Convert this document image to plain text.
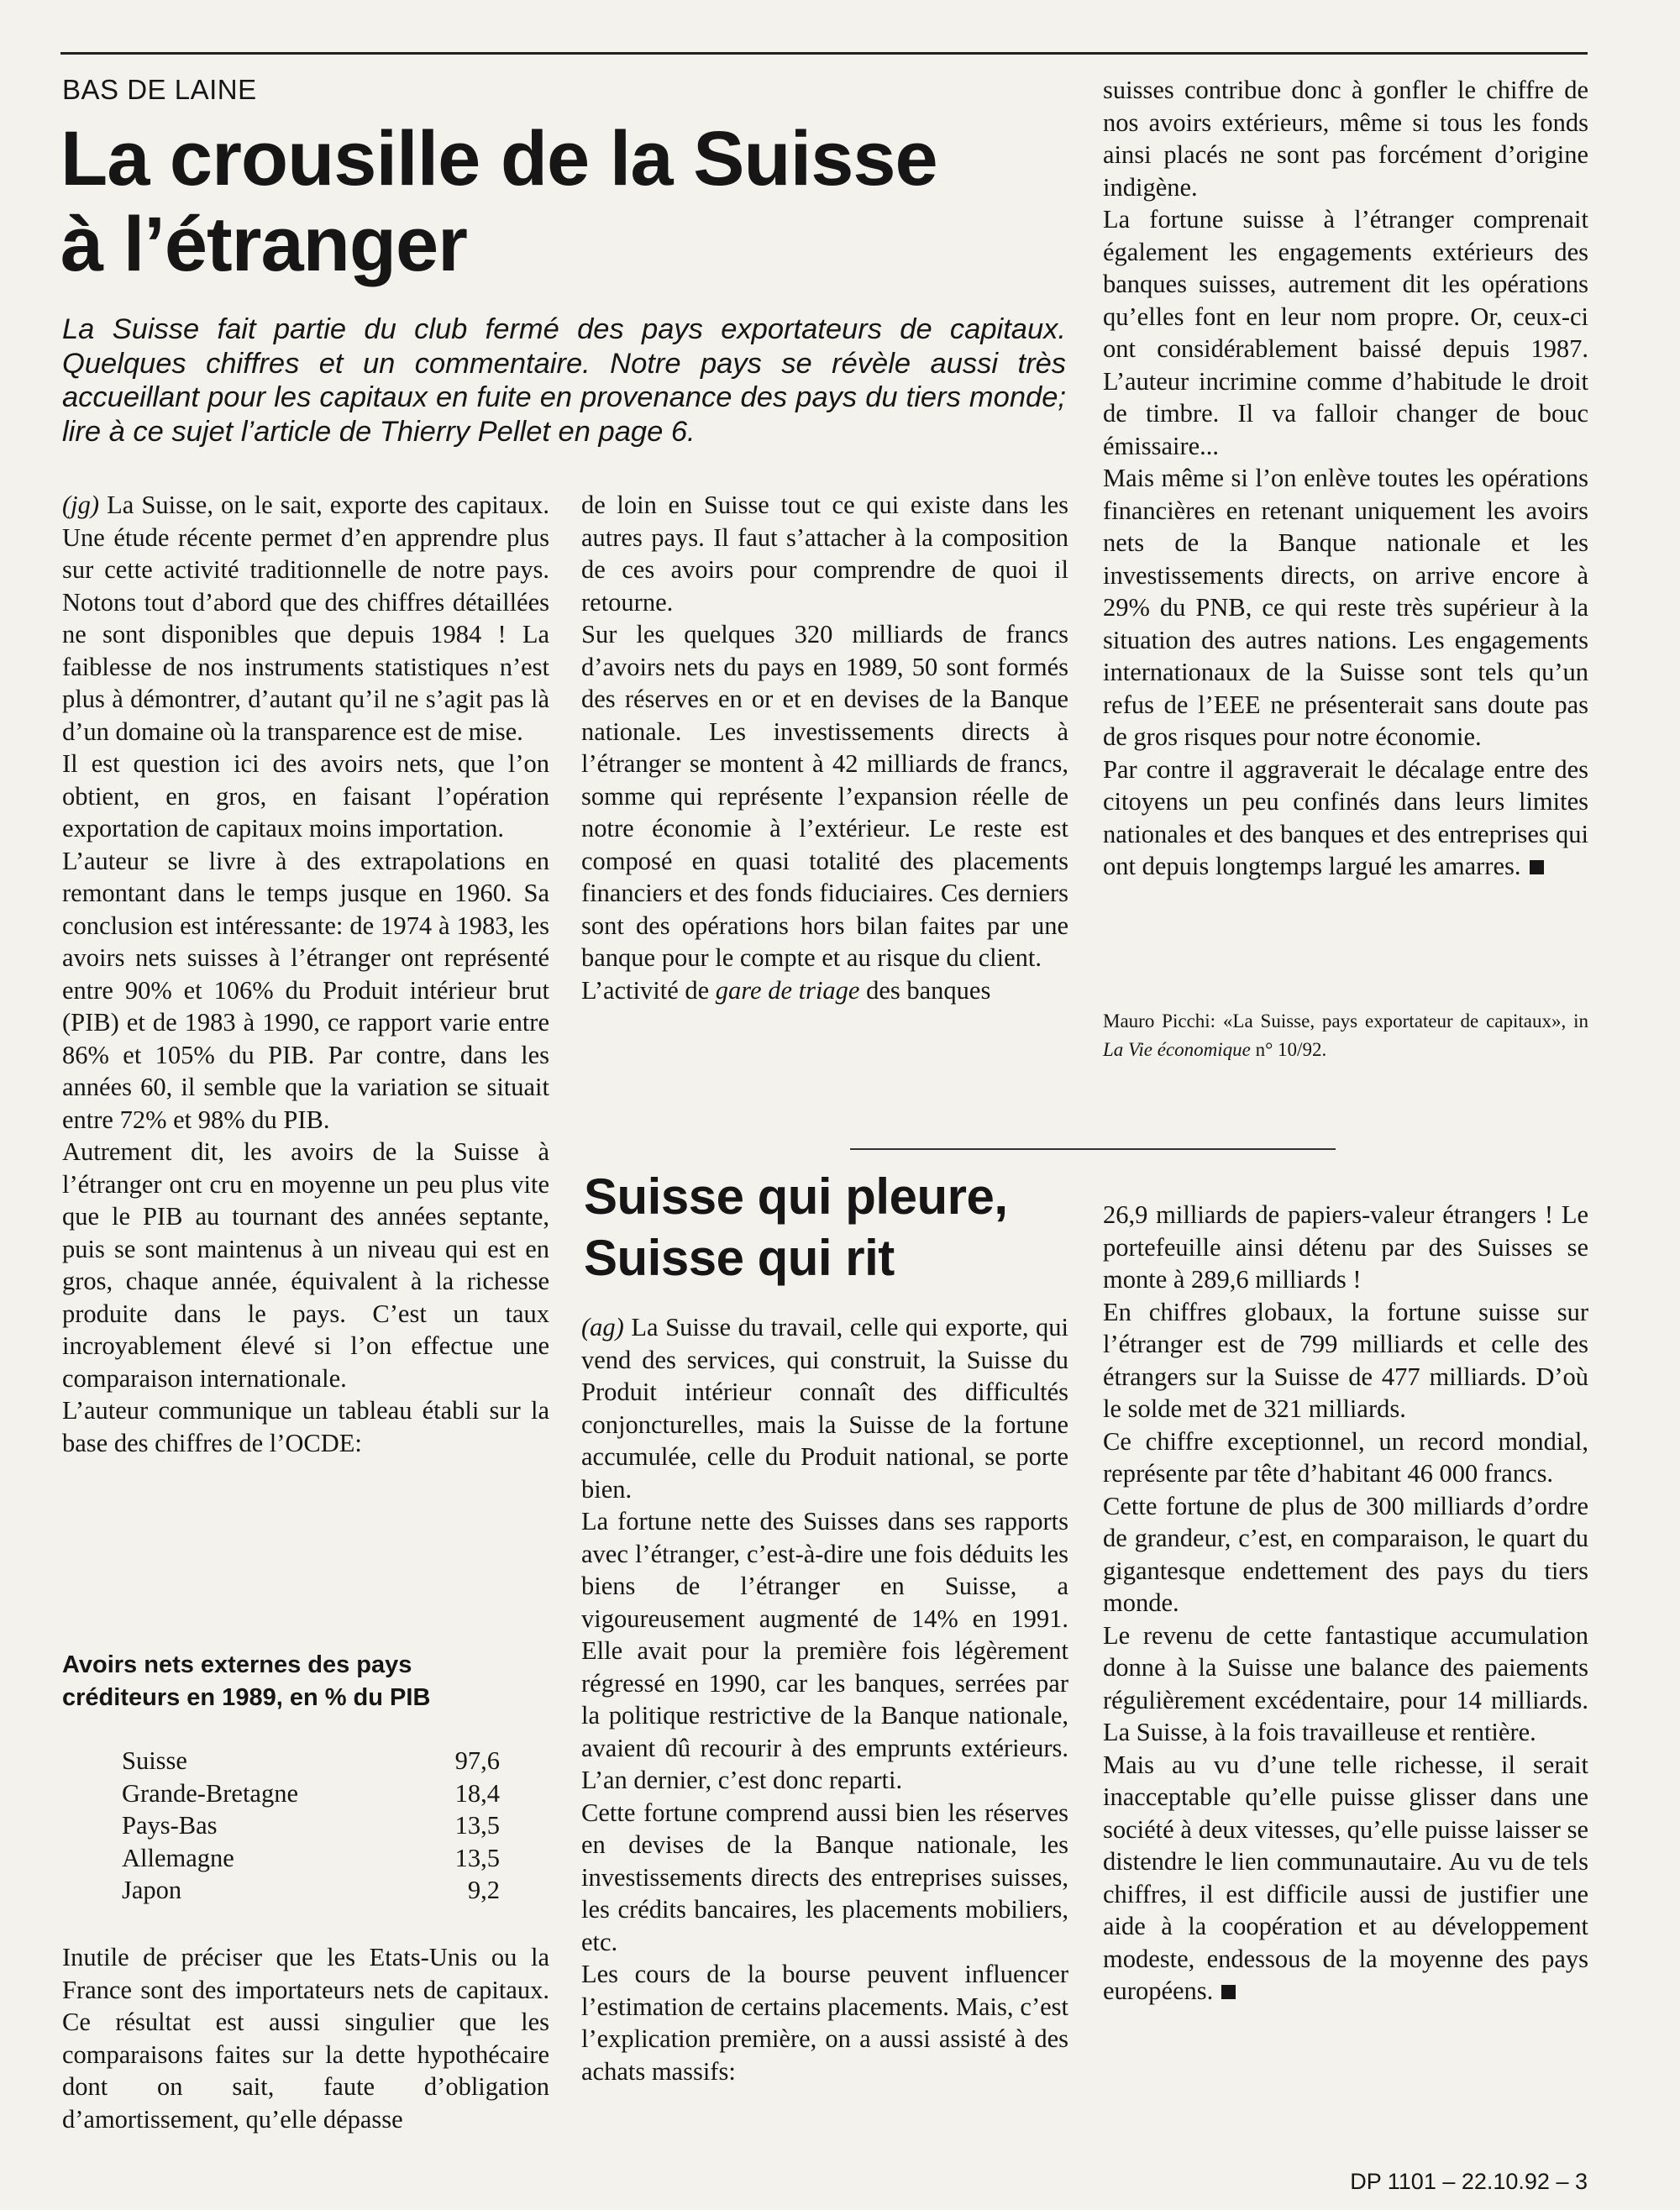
BAS DE LAINE
La crousille de la Suisse
à l’étranger
La Suisse fait partie du club fermé des pays exportateurs de capitaux. Quelques chiffres et un commentaire. Notre pays se révèle aussi très accueillant pour les capitaux en fuite en provenance des pays du tiers monde; lire à ce sujet l’article de Thierry Pellet en page 6.

(jg) La Suisse, on le sait, exporte des capitaux. Une étude récente permet d’en apprendre plus sur cette activité traditionnelle de notre pays. Notons tout d’abord que des chiffres détaillées ne sont disponibles que depuis 1984 ! La faiblesse de nos instruments statistiques n’est plus à démontrer, d’autant qu’il ne s’agit pas là d’un domaine où la transparence est de mise.

Il est question ici des avoirs nets, que l’on obtient, en gros, en faisant l’opération exportation de capitaux moins importation.

L’auteur se livre à des extrapolations en remontant dans le temps jusque en 1960. Sa conclusion est intéressante: de 1974 à 1983, les avoirs nets suisses à l’étranger ont représenté entre 90% et 106% du Produit intérieur brut (PIB) et de 1983 à 1990, ce rapport varie entre 86% et 105% du PIB. Par contre, dans les années 60, il semble que la variation se situait entre 72% et 98% du PIB.

Autrement dit, les avoirs de la Suisse à l’étranger ont cru en moyenne un peu plus vite que le PIB au tournant des années septante, puis se sont maintenus à un niveau qui est en gros, chaque année, équivalent à la richesse produite dans le pays. C’est un taux incroyablement élevé si l’on effectue une comparaison internationale.

L’auteur communique un tableau établi sur la base des chiffres de l’OCDE:

Avoirs nets externes des pays créditeurs en 1989, en % du PIB
Suisse	97,6
Grande-Bretagne	18,4
Pays-Bas	13,5
Allemagne	13,5
Japon	9,2

Inutile de préciser que les Etats-Unis ou la France sont des importateurs nets de capitaux. Ce résultat est aussi singulier que les comparaisons faites sur la dette hypothécaire dont on sait, faute d’obligation d’amortissement, qu’elle dépasse

de loin en Suisse tout ce qui existe dans les autres pays. Il faut s’attacher à la composition de ces avoirs pour comprendre de quoi il retourne.

Sur les quelques 320 milliards de francs d’avoirs nets du pays en 1989, 50 sont formés des réserves en or et en devises de la Banque nationale. Les investissements directs à l’étranger se montent à 42 milliards de francs, somme qui représente l’expansion réelle de notre économie à l’extérieur. Le reste est composé en quasi totalité des placements financiers et des fonds fiduciaires. Ces derniers sont des opérations hors bilan faites par une banque pour le compte et au risque du client.

L’activité de gare de triage des banques

suisses contribue donc à gonfler le chiffre de nos avoirs extérieurs, même si tous les fonds ainsi placés ne sont pas forcément d’origine indigène.

La fortune suisse à l’étranger comprenait également les engagements extérieurs des banques suisses, autrement dit les opérations qu’elles font en leur nom propre. Or, ceux-ci ont considérablement baissé depuis 1987. L’auteur incrimine comme d’habitude le droit de timbre. Il va falloir changer de bouc émissaire...

Mais même si l’on enlève toutes les opérations financières en retenant uniquement les avoirs nets de la Banque nationale et les investissements directs, on arrive encore à 29% du PNB, ce qui reste très supérieur à la situation des autres nations. Les engagements internationaux de la Suisse sont tels qu’un refus de l’EEE ne présenterait sans doute pas de gros risques pour notre économie.

Par contre il aggraverait le décalage entre des citoyens un peu confinés dans leurs limites nationales et des banques et des entreprises qui ont depuis longtemps largué les amarres.

Mauro Picchi: «La Suisse, pays exportateur de capitaux», in La Vie économique n° 10/92.
Suisse qui pleure,
Suisse qui rit

(ag) La Suisse du travail, celle qui exporte, qui vend des services, qui construit, la Suisse du Produit intérieur connaît des difficultés conjoncturelles, mais la Suisse de la fortune accumulée, celle du Produit national, se porte bien.

La fortune nette des Suisses dans ses rapports avec l’étranger, c’est-à-dire une fois déduits les biens de l’étranger en Suisse, a vigoureusement augmenté de 14% en 1991. Elle avait pour la première fois légèrement régressé en 1990, car les banques, serrées par la politique restrictive de la Banque nationale, avaient dû recourir à des emprunts extérieurs. L’an dernier, c’est donc reparti.

Cette fortune comprend aussi bien les réserves en devises de la Banque nationale, les investissements directs des entreprises suisses, les crédits bancaires, les placements mobiliers, etc.

Les cours de la bourse peuvent influencer l’estimation de certains placements. Mais, c’est l’explication première, on a aussi assisté à des achats massifs:

26,9 milliards de papiers-valeur étrangers ! Le portefeuille ainsi détenu par des Suisses se monte à 289,6 milliards !

En chiffres globaux, la fortune suisse sur l’étranger est de 799 milliards et celle des étrangers sur la Suisse de 477 milliards. D’où le solde met de 321 milliards.

Ce chiffre exceptionnel, un record mondial, représente par tête d’habitant 46 000 francs.

Cette fortune de plus de 300 milliards d’ordre de grandeur, c’est, en comparaison, le quart du gigantesque endettement des pays du tiers monde.

Le revenu de cette fantastique accumulation donne à la Suisse une balance des paiements régulièrement excédentaire, pour 14 milliards. La Suisse, à la fois travailleuse et rentière.

Mais au vu d’une telle richesse, il serait inacceptable qu’elle puisse glisser dans une société à deux vitesses, qu’elle puisse laisser se distendre le lien communautaire. Au vu de tels chiffres, il est difficile aussi de justifier une aide à la coopération et au développement modeste, endessous de la moyenne des pays européens.

DP 1101 – 22.10.92 – 3
